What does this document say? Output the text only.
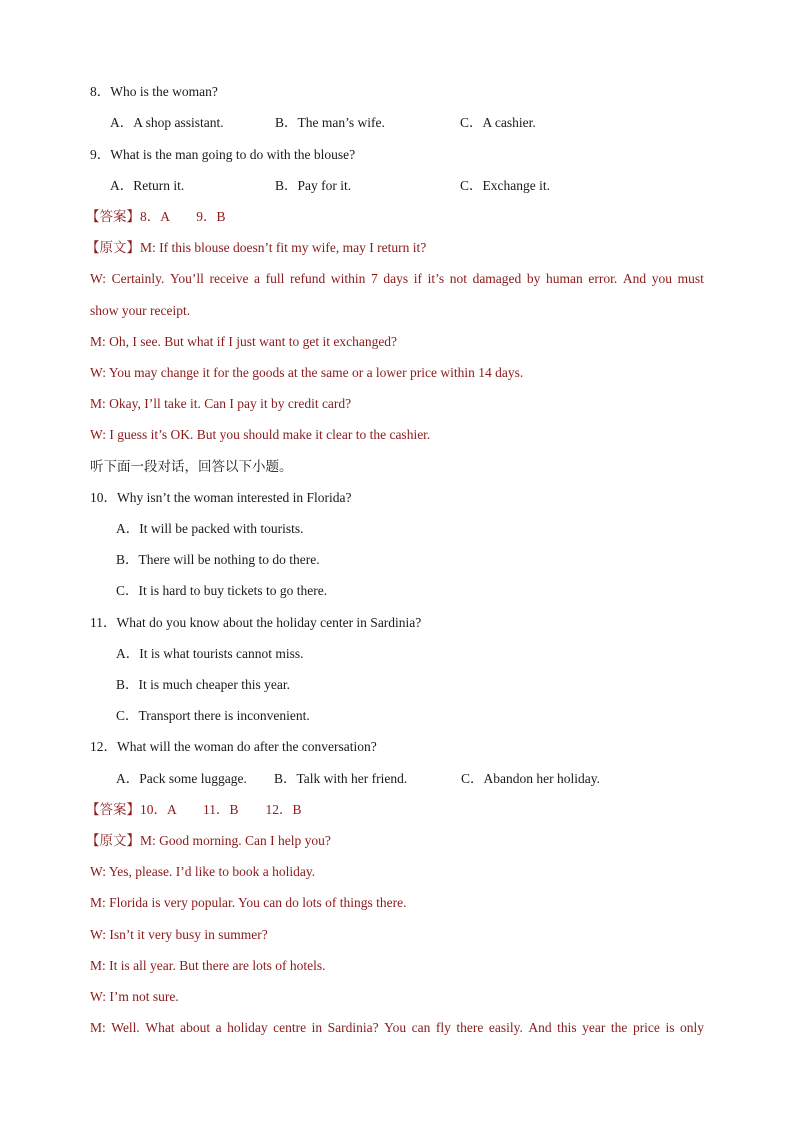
8．Who is the woman?
A．A shop assistant.	B．The man’s wife.	C．A cashier.
9．What is the man going to do with the blouse?
A．Return it.	B．Pay for it.	C．Exchange it.
【答案】8．A　　9．B
【原文】M: If this blouse doesn’t fit my wife, may I return it?
W: Certainly. You’ll receive a full refund within 7 days if it’s not damaged by human error. And you must
show your receipt.
M: Oh, I see. But what if I just want to get it exchanged?
W: You may change it for the goods at the same or a lower price within 14 days.
M: Okay, I’ll take it. Can I pay it by credit card?
W: I guess it’s OK. But you should make it clear to the cashier.
听下面一段对话，回答以下小题。
10．Why isn’t the woman interested in Florida?
A．It will be packed with tourists.
B．There will be nothing to do there.
C．It is hard to buy tickets to go there.
11．What do you know about the holiday center in Sardinia?
A．It is what tourists cannot miss.
B．It is much cheaper this year.
C．Transport there is inconvenient.
12．What will the woman do after the conversation?
A．Pack some luggage. B．Talk with her friend.	C．Abandon her holiday.
【答案】10．A　　11．B　　12．B
【原文】M: Good morning. Can I help you?
W: Yes, please. I’d like to book a holiday.
M: Florida is very popular. You can do lots of things there.
W: Isn’t it very busy in summer?
M: It is all year. But there are lots of hotels.
W: I’m not sure.
M: Well. What about a holiday centre in Sardinia? You can fly there easily. And this year the price is only
